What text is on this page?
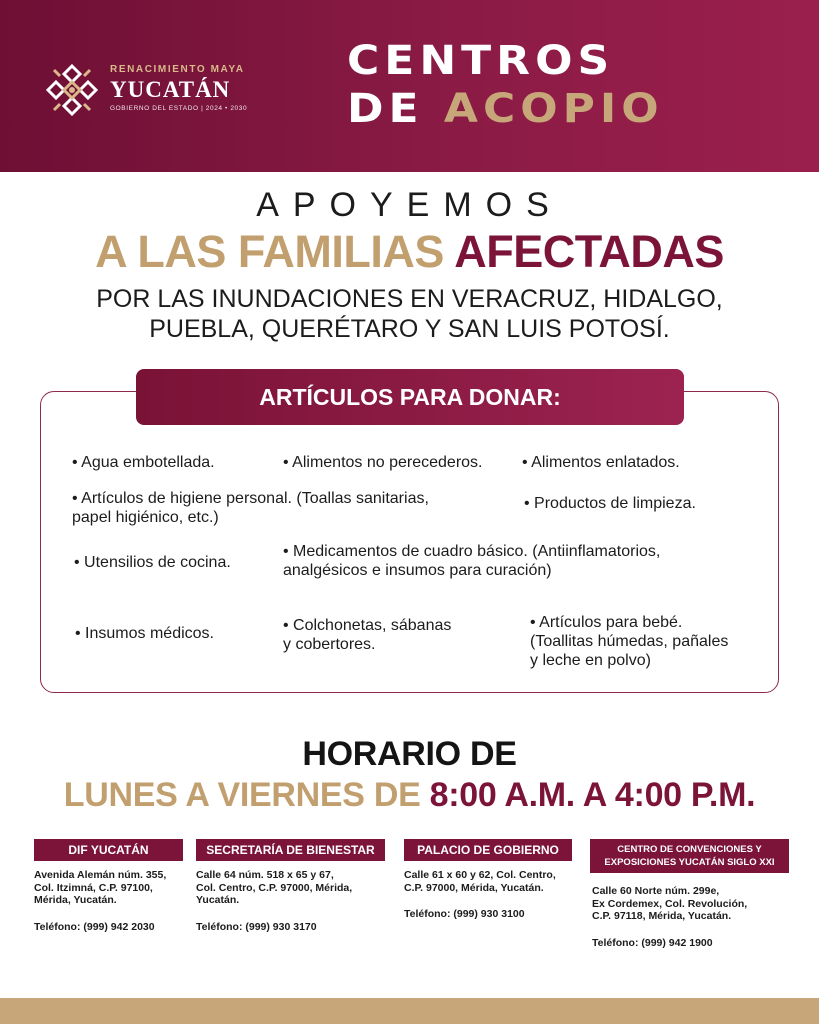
RENACIMIENTO MAYA
YUCATÁN
GOBIERNO DEL ESTADO | 2024 • 2030
CENTROS
DE ACOPIO
APOYEMOS
A LAS FAMILIAS AFECTADAS
POR LAS INUNDACIONES EN VERACRUZ, HIDALGO,
PUEBLA, QUERÉTARO Y SAN LUIS POTOSÍ.
ARTÍCULOS PARA DONAR:
• Agua embotellada.	• Alimentos no perecederos. • Alimentos enlatados.
• Artículos de higiene personal. (Toallas sanitarias,
papel higiénico, etc.)
• Productos de limpieza.
• Utensilios de cocina.
• Medicamentos de cuadro básico. (Antiinflamatorios,
analgésicos e insumos para curación)
• Insumos médicos.	• Colchonetas, sábanas
y cobertores.
• Artículos para bebé.
(Toallitas húmedas, pañales
y leche en polvo)
HORARIO DE
LUNES A VIERNES DE 8:00 A.M. A 4:00 P.M.
DIF YUCATÁN
Avenida Alemán núm. 355,
Col. Itzimná, C.P. 97100,
Mérida, Yucatán.
Teléfono: (999) 942 2030
SECRETARÍA DE BIENESTAR
Calle 64 núm. 518 x 65 y 67,
Col. Centro, C.P. 97000, Mérida,
Yucatán.
Teléfono: (999) 930 3170
PALACIO DE GOBIERNO
Calle 61 x 60 y 62, Col. Centro,
C.P. 97000, Mérida, Yucatán.
Teléfono: (999) 930 3100
CENTRO DE CONVENCIONES Y
EXPOSICIONES YUCATÁN SIGLO XXI
Calle 60 Norte núm. 299e,
Ex Cordemex, Col. Revolución,
C.P. 97118, Mérida, Yucatán.
Teléfono: (999) 942 1900
